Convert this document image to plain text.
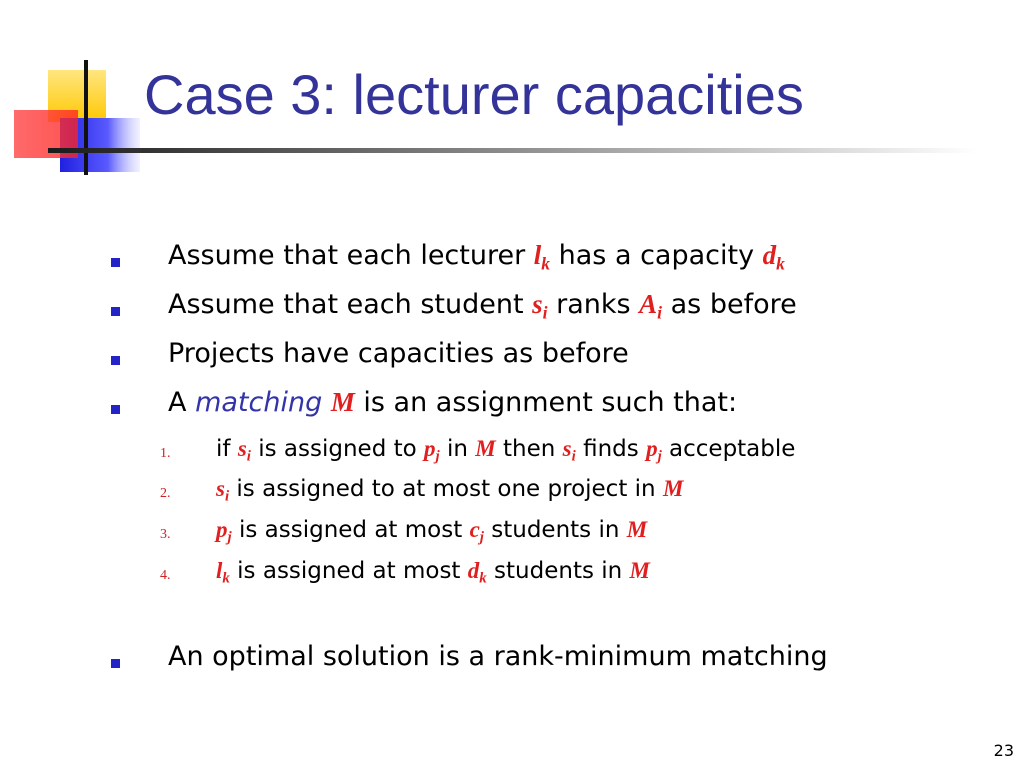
Case 3: lecturer capacities
Assume that each lecturer $l_k$ has a capacity $d_k$
Assume that each student $s_i$ ranks $A_i$ as before
Projects have capacities as before
A matching M is an assignment such that:
1. if $s_i$ is assigned to $p_j$ in M then $s_i$ finds $p_j$ acceptable
2. $s_i$ is assigned to at most one project in M
3. $p_j$ is assigned at most $c_j$ students in M
4. $l_k$ is assigned at most $d_k$ students in M
An optimal solution is a rank-minimum matching
23
